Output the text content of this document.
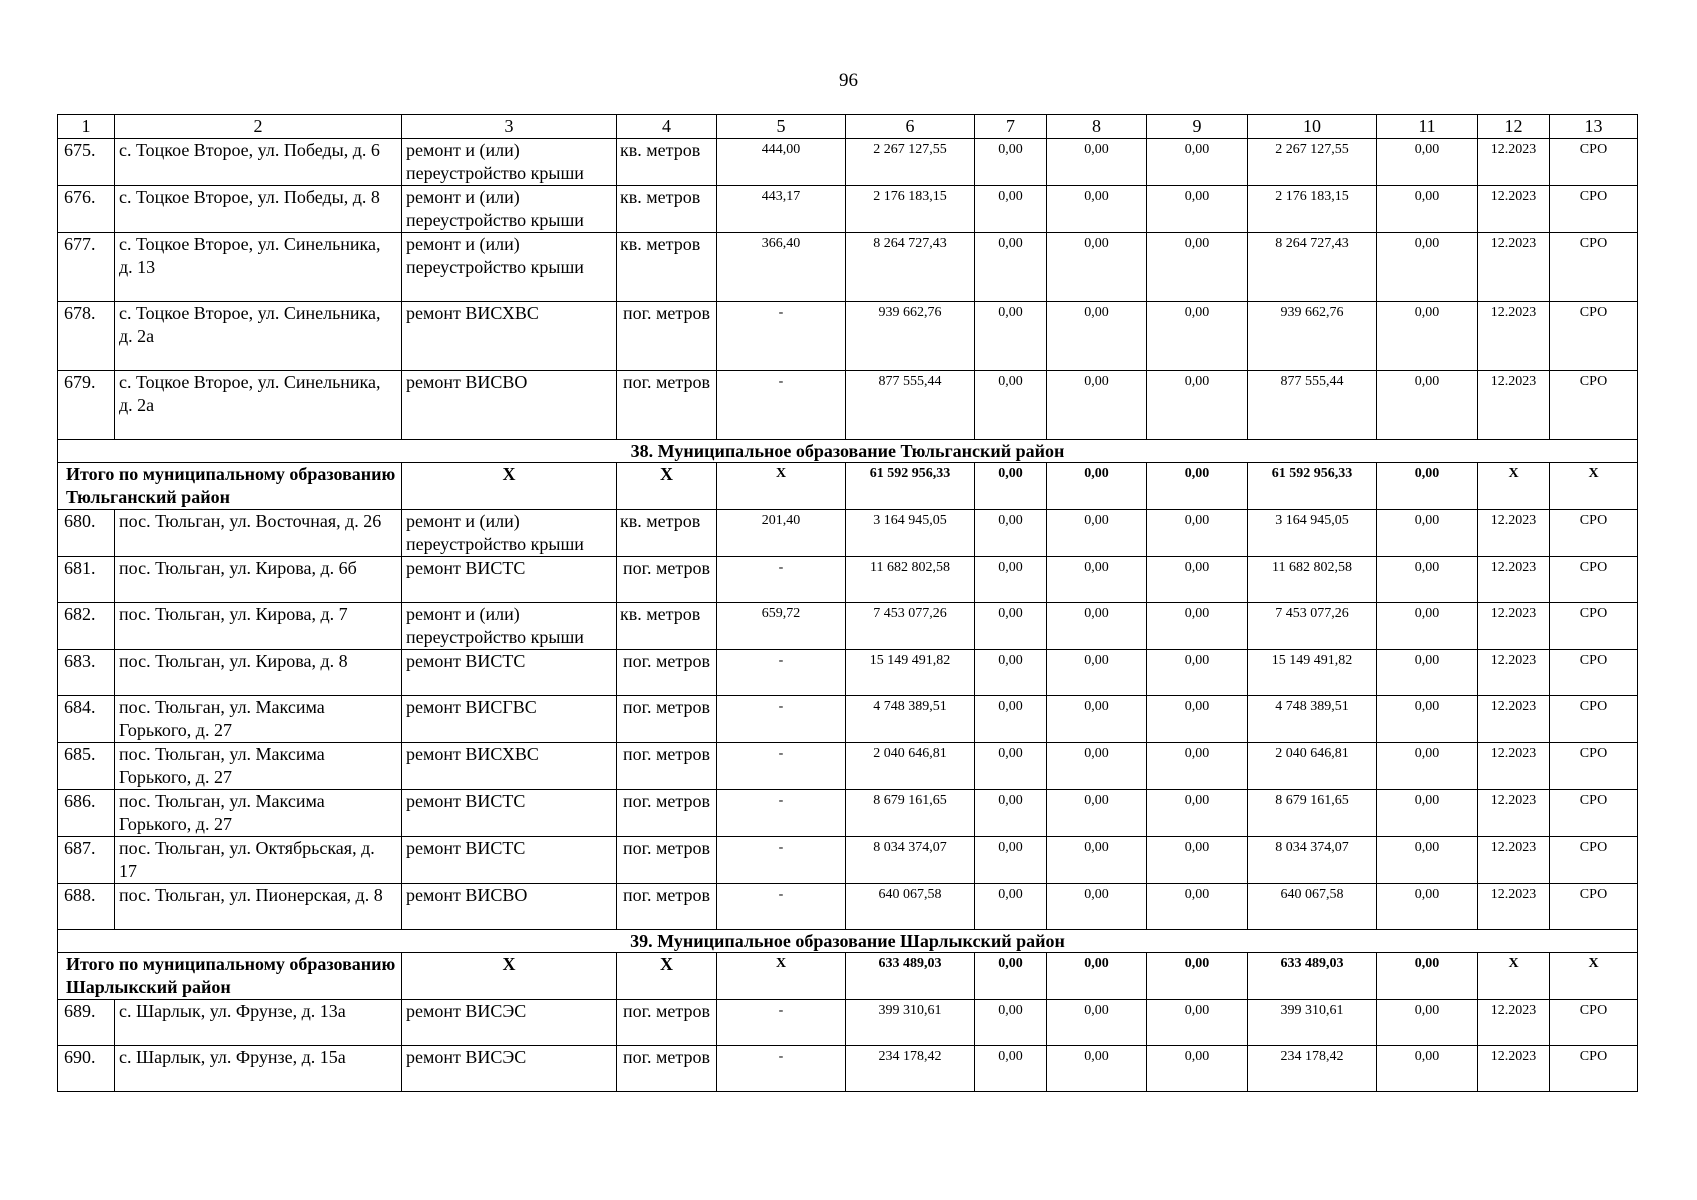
96
1	2	3	4	5	6	7	8	9	10	11	12	13
675.	с. Тоцкое Второе, ул. Победы, д. 6	ремонт и (или) переустройство крыши	кв. метров	444,00	2 267 127,55	0,00	0,00	0,00	2 267 127,55	0,00	12.2023	СРО
676.	с. Тоцкое Второе, ул. Победы, д. 8	ремонт и (или) переустройство крыши	кв. метров	443,17	2 176 183,15	0,00	0,00	0,00	2 176 183,15	0,00	12.2023	СРО
677.	с. Тоцкое Второе, ул. Синельника, д. 13	ремонт и (или) переустройство крыши	кв. метров	366,40	8 264 727,43	0,00	0,00	0,00	8 264 727,43	0,00	12.2023	СРО
678.	с. Тоцкое Второе, ул. Синельника, д. 2а	ремонт ВИСХВС	пог. метров	-	939 662,76	0,00	0,00	0,00	939 662,76	0,00	12.2023	СРО
679.	с. Тоцкое Второе, ул. Синельника, д. 2а	ремонт ВИСВО	пог. метров	-	877 555,44	0,00	0,00	0,00	877 555,44	0,00	12.2023	СРО
38. Муниципальное образование Тюльганский район												
Итого по муниципальному образованию Тюльганский район		X	X	X	61 592 956,33	0,00	0,00	0,00	61 592 956,33	0,00	X	X
680.	пос. Тюльган, ул. Восточная, д. 26	ремонт и (или) переустройство крыши	кв. метров	201,40	3 164 945,05	0,00	0,00	0,00	3 164 945,05	0,00	12.2023	СРО
681.	пос. Тюльган, ул. Кирова, д. 6б	ремонт ВИСТС	пог. метров	-	11 682 802,58	0,00	0,00	0,00	11 682 802,58	0,00	12.2023	СРО
682.	пос. Тюльган, ул. Кирова, д. 7	ремонт и (или) переустройство крыши	кв. метров	659,72	7 453 077,26	0,00	0,00	0,00	7 453 077,26	0,00	12.2023	СРО
683.	пос. Тюльган, ул. Кирова, д. 8	ремонт ВИСТС	пог. метров	-	15 149 491,82	0,00	0,00	0,00	15 149 491,82	0,00	12.2023	СРО
684.	пос. Тюльган, ул. Максима Горького, д. 27	ремонт ВИСГВС	пог. метров	-	4 748 389,51	0,00	0,00	0,00	4 748 389,51	0,00	12.2023	СРО
685.	пос. Тюльган, ул. Максима Горького, д. 27	ремонт ВИСХВС	пог. метров	-	2 040 646,81	0,00	0,00	0,00	2 040 646,81	0,00	12.2023	СРО
686.	пос. Тюльган, ул. Максима Горького, д. 27	ремонт ВИСТС	пог. метров	-	8 679 161,65	0,00	0,00	0,00	8 679 161,65	0,00	12.2023	СРО
687.	пос. Тюльган, ул. Октябрьская, д. 17	ремонт ВИСТС	пог. метров	-	8 034 374,07	0,00	0,00	0,00	8 034 374,07	0,00	12.2023	СРО
688.	пос. Тюльган, ул. Пионерская, д. 8	ремонт ВИСВО	пог. метров	-	640 067,58	0,00	0,00	0,00	640 067,58	0,00	12.2023	СРО
39. Муниципальное образование Шарлыкский район												
Итого по муниципальному образованию Шарлыкский район		X	X	X	633 489,03	0,00	0,00	0,00	633 489,03	0,00	X	X
689.	с. Шарлык, ул. Фрунзе, д. 13а	ремонт ВИСЭС	пог. метров	-	399 310,61	0,00	0,00	0,00	399 310,61	0,00	12.2023	СРО
690.	с. Шарлык, ул. Фрунзе, д. 15а	ремонт ВИСЭС	пог. метров	-	234 178,42	0,00	0,00	0,00	234 178,42	0,00	12.2023	СРО
